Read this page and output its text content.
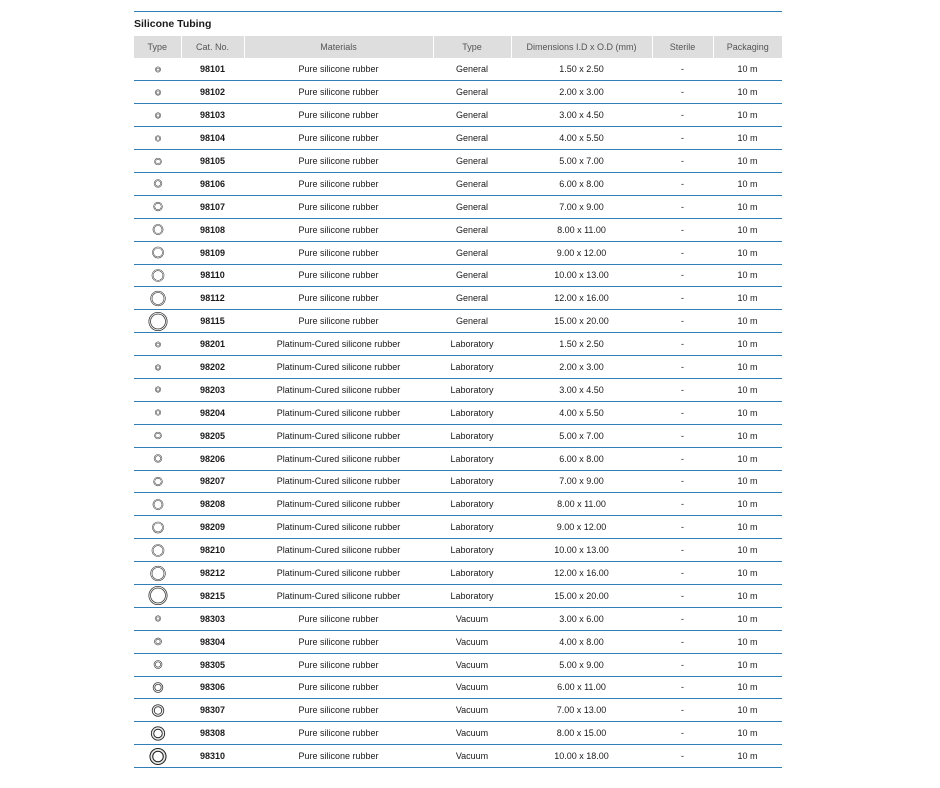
Silicone Tubing
Type	Cat. No.	Materials	Type	Dimensions I.D x O.D (mm)	Sterile	Packaging

	98101	Pure silicone rubber	General	1.50 x 2.50	-	10 m

	98102	Pure silicone rubber	General	2.00 x 3.00	-	10 m

	98103	Pure silicone rubber	General	3.00 x 4.50	-	10 m

	98104	Pure silicone rubber	General	4.00 x 5.50	-	10 m

	98105	Pure silicone rubber	General	5.00 x 7.00	-	10 m

	98106	Pure silicone rubber	General	6.00 x 8.00	-	10 m

	98107	Pure silicone rubber	General	7.00 x 9.00	-	10 m

	98108	Pure silicone rubber	General	8.00 x 11.00	-	10 m

	98109	Pure silicone rubber	General	9.00 x 12.00	-	10 m

	98110	Pure silicone rubber	General	10.00 x 13.00	-	10 m

	98112	Pure silicone rubber	General	12.00 x 16.00	-	10 m

	98115	Pure silicone rubber	General	15.00 x 20.00	-	10 m

	98201	Platinum-Cured silicone rubber	Laboratory	1.50 x 2.50	-	10 m

	98202	Platinum-Cured silicone rubber	Laboratory	2.00 x 3.00	-	10 m

	98203	Platinum-Cured silicone rubber	Laboratory	3.00 x 4.50	-	10 m

	98204	Platinum-Cured silicone rubber	Laboratory	4.00 x 5.50	-	10 m

	98205	Platinum-Cured silicone rubber	Laboratory	5.00 x 7.00	-	10 m

	98206	Platinum-Cured silicone rubber	Laboratory	6.00 x 8.00	-	10 m

	98207	Platinum-Cured silicone rubber	Laboratory	7.00 x 9.00	-	10 m

	98208	Platinum-Cured silicone rubber	Laboratory	8.00 x 11.00	-	10 m

	98209	Platinum-Cured silicone rubber	Laboratory	9.00 x 12.00	-	10 m

	98210	Platinum-Cured silicone rubber	Laboratory	10.00 x 13.00	-	10 m

	98212	Platinum-Cured silicone rubber	Laboratory	12.00 x 16.00	-	10 m

	98215	Platinum-Cured silicone rubber	Laboratory	15.00 x 20.00	-	10 m

	98303	Pure silicone rubber	Vacuum	3.00 x 6.00	-	10 m

	98304	Pure silicone rubber	Vacuum	4.00 x 8.00	-	10 m

	98305	Pure silicone rubber	Vacuum	5.00 x 9.00	-	10 m

	98306	Pure silicone rubber	Vacuum	6.00 x 11.00	-	10 m

	98307	Pure silicone rubber	Vacuum	7.00 x 13.00	-	10 m

	98308	Pure silicone rubber	Vacuum	8.00 x 15.00	-	10 m

	98310	Pure silicone rubber	Vacuum	10.00 x 18.00	-	10 m
